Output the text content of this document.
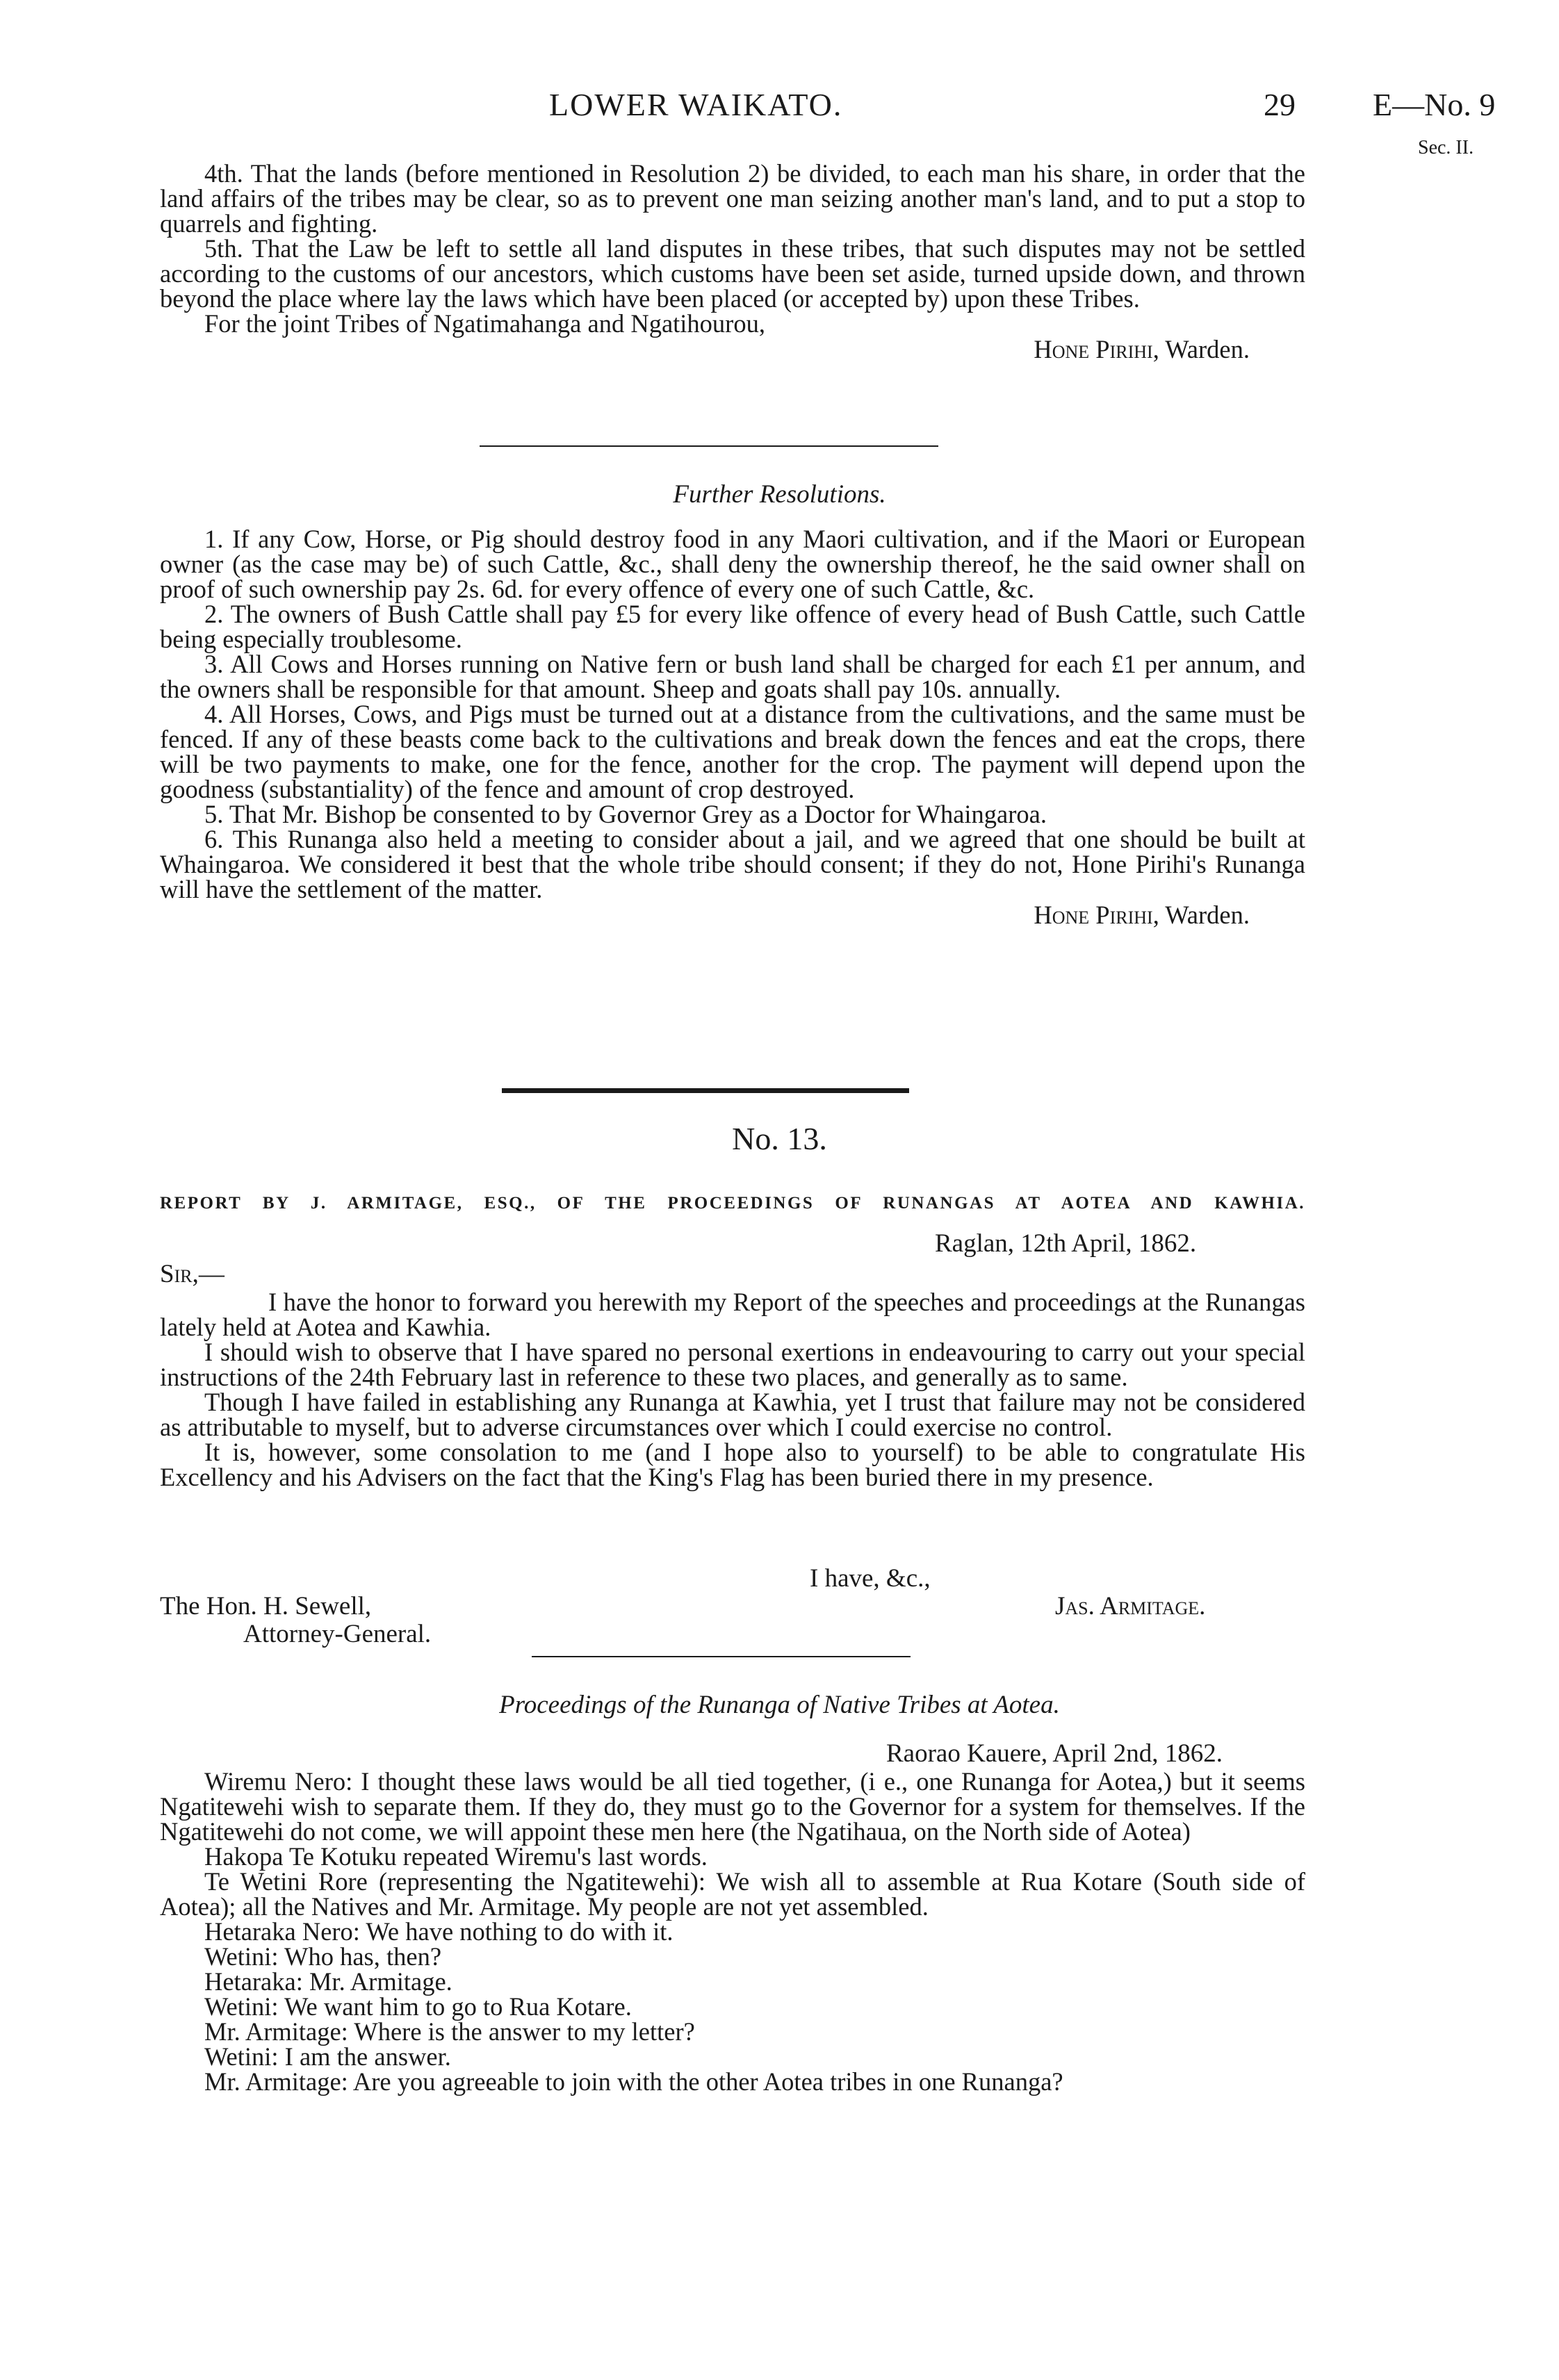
LOWER WAIKATO.	29 E—No. 9
Sec. II.

4th. That the lands (before mentioned in Resolution 2) be divided, to each man his share, in order that the land affairs of the tribes may be clear, so as to prevent one man seizing another man's land, and to put a stop to quarrels and fighting.

5th. That the Law be left to settle all land disputes in these tribes, that such disputes may not be settled according to the customs of our ancestors, which customs have been set aside, turned upside down, and thrown beyond the place where lay the laws which have been placed (or accepted by) upon these Tribes.

For the joint Tribes of Ngatimahanga and Ngatihourou,

Hone Pirihi, Warden.
Further Resolutions.

1. If any Cow, Horse, or Pig should destroy food in any Maori cultivation, and if the Maori or European owner (as the case may be) of such Cattle, &c., shall deny the ownership thereof, he the said owner shall on proof of such ownership pay 2s. 6d. for every offence of every one of such Cattle, &c.

2. The owners of Bush Cattle shall pay £5 for every like offence of every head of Bush Cattle, such Cattle being especially troublesome.

3. All Cows and Horses running on Native fern or bush land shall be charged for each £1 per annum, and the owners shall be responsible for that amount. Sheep and goats shall pay 10s. annually.

4. All Horses, Cows, and Pigs must be turned out at a distance from the cultivations, and the same must be fenced. If any of these beasts come back to the cultivations and break down the fences and eat the crops, there will be two payments to make, one for the fence, another for the crop. The payment will depend upon the goodness (substantiality) of the fence and amount of crop destroyed.

5. That Mr. Bishop be consented to by Governor Grey as a Doctor for Whaingaroa.

6. This Runanga also held a meeting to consider about a jail, and we agreed that one should be built at Whaingaroa. We considered it best that the whole tribe should consent; if they do not, Hone Pirihi's Runanga will have the settlement of the matter.

Hone Pirihi, Warden.
No. 13.
REPORT BY J. ARMITAGE, ESQ., OF THE PROCEEDINGS OF RUNANGAS AT AOTEA AND KAWHIA.
Raglan, 12th April, 1862.
Sir,—

I have the honor to forward you herewith my Report of the speeches and proceedings at the Runangas lately held at Aotea and Kawhia.

I should wish to observe that I have spared no personal exertions in endeavouring to carry out your special instructions of the 24th February last in reference to these two places, and generally as to same.

Though I have failed in establishing any Runanga at Kawhia, yet I trust that failure may not be considered as attributable to myself, but to adverse circumstances over which I could exercise no control.

It is, however, some consolation to me (and I hope also to yourself) to be able to congratulate His Excellency and his Advisers on the fact that the King's Flag has been buried there in my presence.

I have, &c.,
The Hon. H. Sewell,
Attorney-General.
Jas. Armitage.
Proceedings of the Runanga of Native Tribes at Aotea.
Raorao Kauere, April 2nd, 1862.

Wiremu Nero: I thought these laws would be all tied together, (i e., one Runanga for Aotea,) but it seems Ngatitewehi wish to separate them. If they do, they must go to the Governor for a system for themselves. If the Ngatitewehi do not come, we will appoint these men here (the Ngatihaua, on the North side of Aotea)

Hakopa Te Kotuku repeated Wiremu's last words.

Te Wetini Rore (representing the Ngatitewehi): We wish all to assemble at Rua Kotare (South side of Aotea); all the Natives and Mr. Armitage. My people are not yet assembled.

Hetaraka Nero: We have nothing to do with it.

Wetini: Who has, then?

Hetaraka: Mr. Armitage.

Wetini: We want him to go to Rua Kotare.

Mr. Armitage: Where is the answer to my letter?

Wetini: I am the answer.

Mr. Armitage: Are you agreeable to join with the other Aotea tribes in one Runanga?
